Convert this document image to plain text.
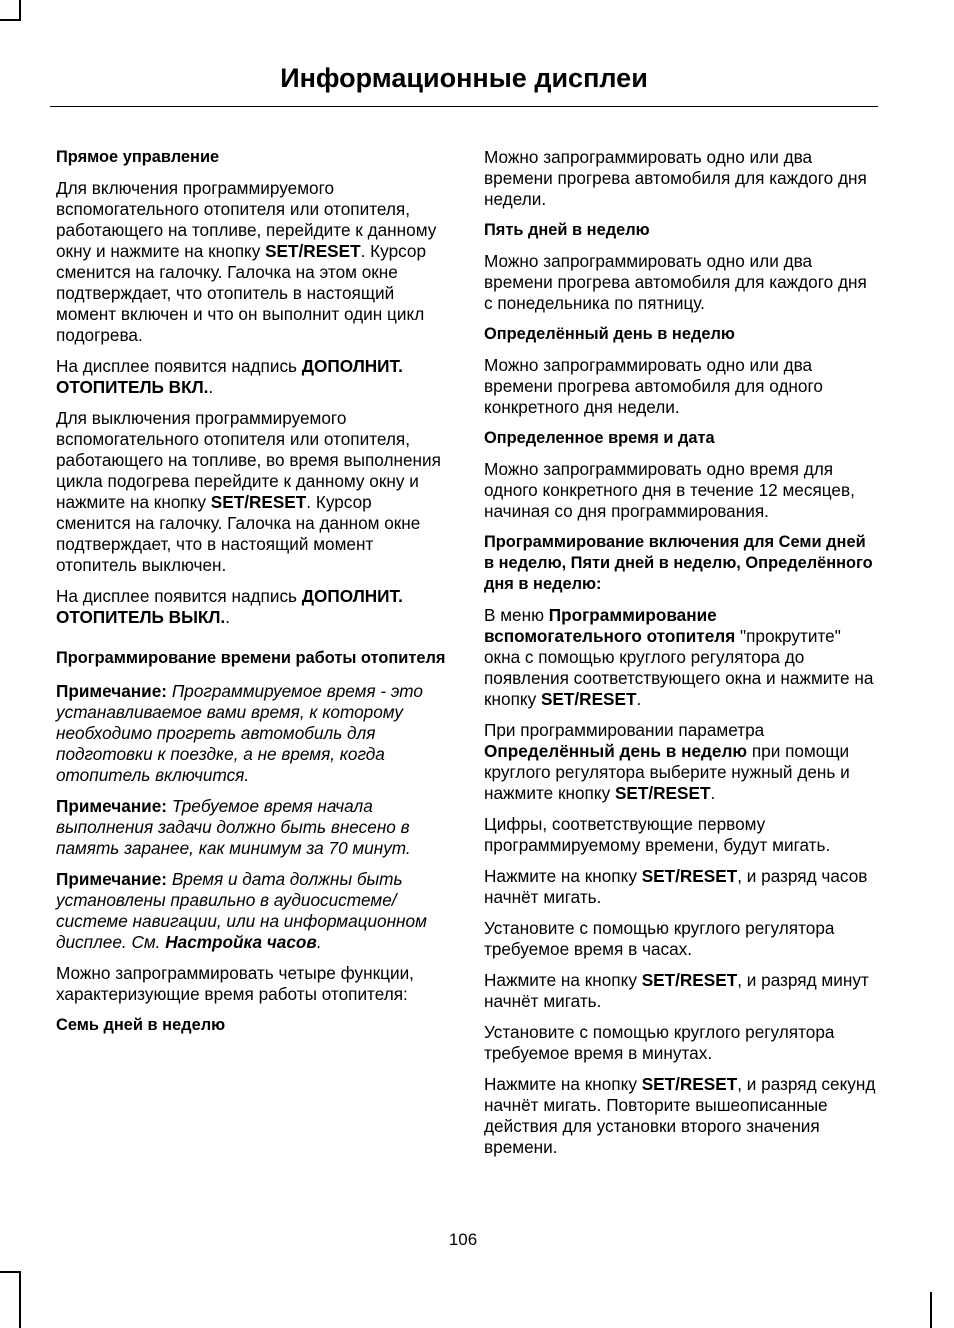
Информационные дисплеи

Прямое управление

Для включения программируемого вспомогательного отопителя или отопителя, работающего на топливе, перейдите к данному окну и нажмите на кнопку SET/RESET. Курсор сменится на галочку. Галочка на этом окне подтверждает, что отопитель в настоящий момент включен и что он выполнит один цикл подогрева.

На дисплее появится надпись ДОПОЛНИТ. ОТОПИТЕЛЬ ВКЛ..

Для выключения программируемого вспомогательного отопителя или отопителя, работающего на топливе, во время выполнения цикла подогрева перейдите к данному окну и нажмите на кнопку SET/RESET. Курсор сменится на галочку. Галочка на данном окне подтверждает, что в настоящий момент отопитель выключен.

На дисплее появится надпись ДОПОЛНИТ. ОТОПИТЕЛЬ ВЫКЛ..

Программирование времени работы отопителя

Примечание: Программируемое время - это устанавливаемое вами время, к которому необходимо прогреть автомобиль для подготовки к поездке, а не время, когда отопитель включится.

Примечание: Требуемое время начала выполнения задачи должно быть внесено в память заранее, как минимум за 70 минут.

Примечание: Время и дата должны быть установлены правильно в аудиосистеме/системе навигации, или на информационном дисплее. См. Настройка часов.

Можно запрограммировать четыре функции, характеризующие время работы отопителя:

Семь дней в неделю

Можно запрограммировать одно или два времени прогрева автомобиля для каждого дня недели.

Пять дней в неделю

Можно запрограммировать одно или два времени прогрева автомобиля для каждого дня с понедельника по пятницу.

Определённый день в неделю

Можно запрограммировать одно или два времени прогрева автомобиля для одного конкретного дня недели.

Определенное время и дата

Можно запрограммировать одно время для одного конкретного дня в течение 12 месяцев, начиная со дня программирования.

Программирование включения для Семи дней в неделю, Пяти дней в неделю, Определённого дня в неделю:

В меню Программирование вспомогательного отопителя "прокрутите" окна с помощью круглого регулятора до появления соответствующего окна и нажмите на кнопку SET/RESET.

При программировании параметра Определённый день в неделю при помощи круглого регулятора выберите нужный день и нажмите кнопку SET/RESET.

Цифры, соответствующие первому программируемому времени, будут мигать.

Нажмите на кнопку SET/RESET, и разряд часов начнёт мигать.

Установите с помощью круглого регулятора требуемое время в часах.

Нажмите на кнопку SET/RESET, и разряд минут начнёт мигать.

Установите с помощью круглого регулятора требуемое время в минутах.

Нажмите на кнопку SET/RESET, и разряд секунд начнёт мигать. Повторите вышеописанные действия для установки второго значения времени.

106
